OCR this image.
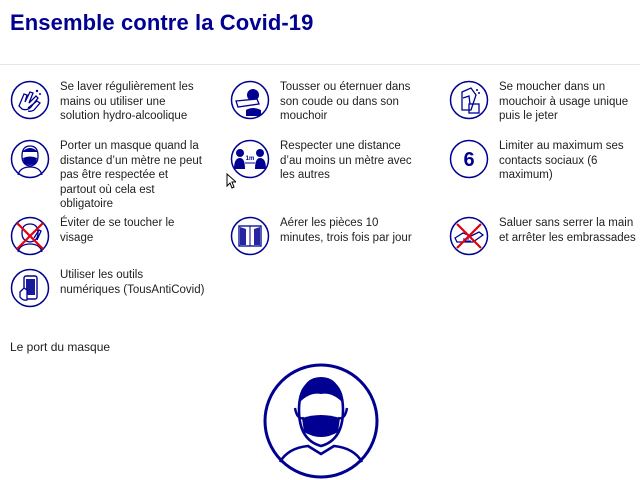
Ensemble contre la Covid-19
Se laver régulièrement les mains ou utiliser une solution hydro-alcoolique
Tousser ou éternuer dans son coude ou dans son mouchoir
Se moucher dans un mouchoir à usage unique puis le jeter
Porter un masque quand la distance d’un mètre ne peut pas être respectée et partout où cela est obligatoire
1m
Respecter une distance d’au moins un mètre avec les autres
6
Limiter au maximum ses contacts sociaux (6 maximum)
Éviter de se toucher le visage
Aérer les pièces 10 minutes, trois fois par jour
Saluer sans serrer la main et arrêter les embrassades
Utiliser les outils numériques (TousAntiCovid)
Le port du masque
